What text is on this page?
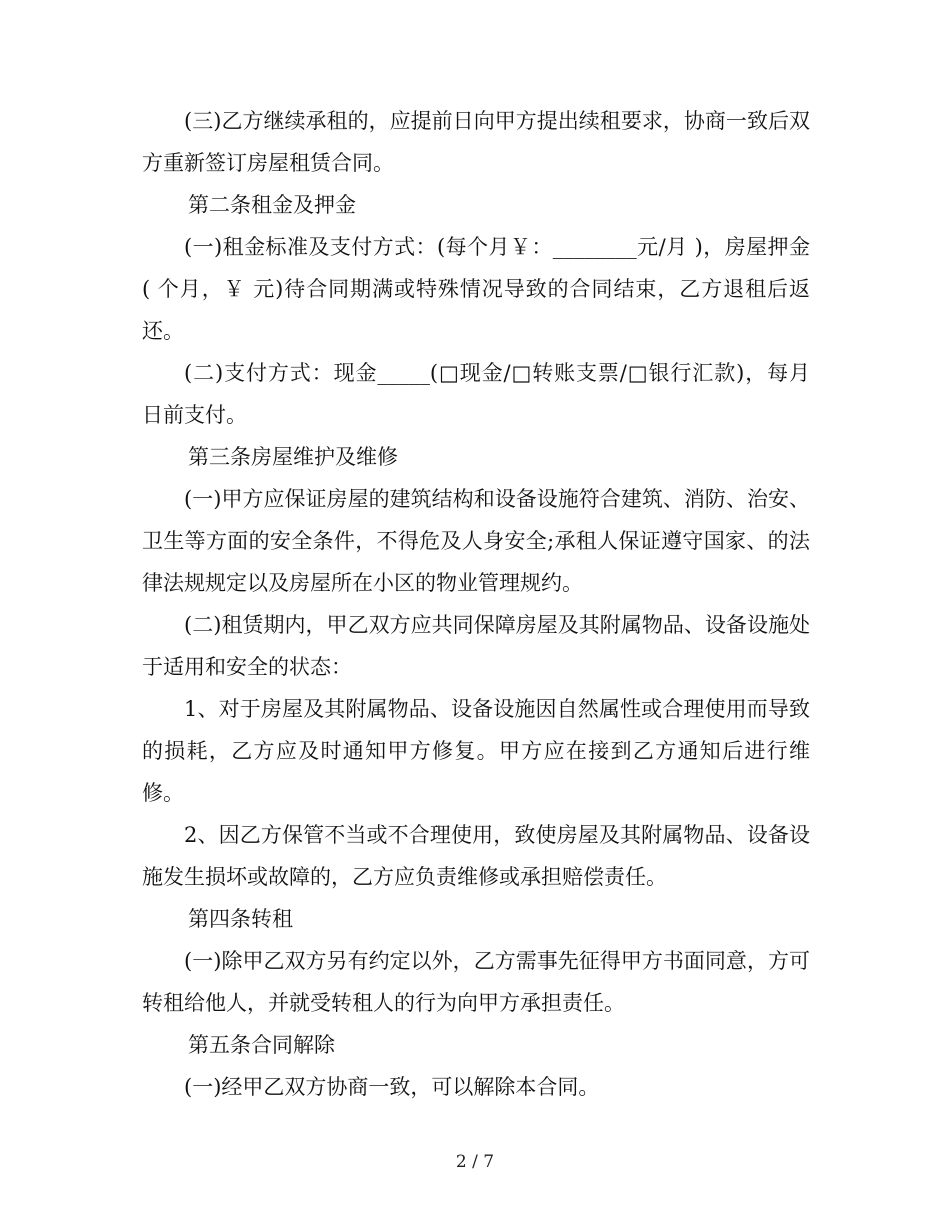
(三)乙方继续承租的，应提前日向甲方提出续租要求，协商一致后双方重新签订房屋租赁合同。

第二条租金及押金

(一)租金标准及支付方式：(每个月￥：________元/月 )，房屋押金 ( 个月，￥ 元)待合同期满或特殊情况导致的合同结束，乙方退租后返还。

(二)支付方式：现金_____(□现金/□转账支票/□银行汇款)，每月 日前支付。

第三条房屋维护及维修

(一)甲方应保证房屋的建筑结构和设备设施符合建筑、消防、治安、卫生等方面的安全条件，不得危及人身安全;承租人保证遵守国家、的法律法规规定以及房屋所在小区的物业管理规约。

(二)租赁期内，甲乙双方应共同保障房屋及其附属物品、设备设施处于适用和安全的状态：

1、对于房屋及其附属物品、设备设施因自然属性或合理使用而导致的损耗，乙方应及时通知甲方修复。甲方应在接到乙方通知后进行维修。

2、因乙方保管不当或不合理使用，致使房屋及其附属物品、设备设施发生损坏或故障的，乙方应负责维修或承担赔偿责任。

第四条转租

(一)除甲乙双方另有约定以外，乙方需事先征得甲方书面同意，方可转租给他人，并就受转租人的行为向甲方承担责任。

第五条合同解除

(一)经甲乙双方协商一致，可以解除本合同。

2 / 7
